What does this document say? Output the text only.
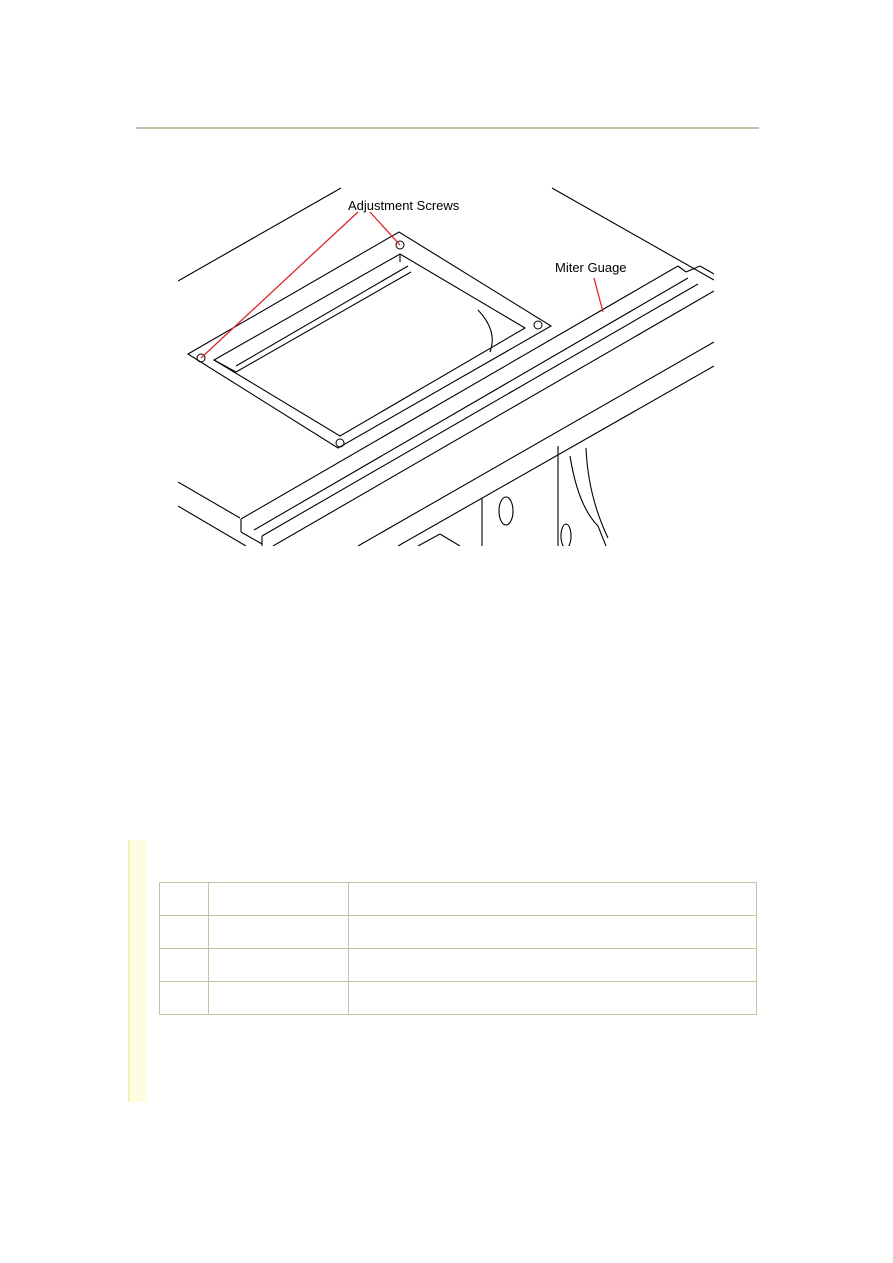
Adjustment Screws
Miter Guage
